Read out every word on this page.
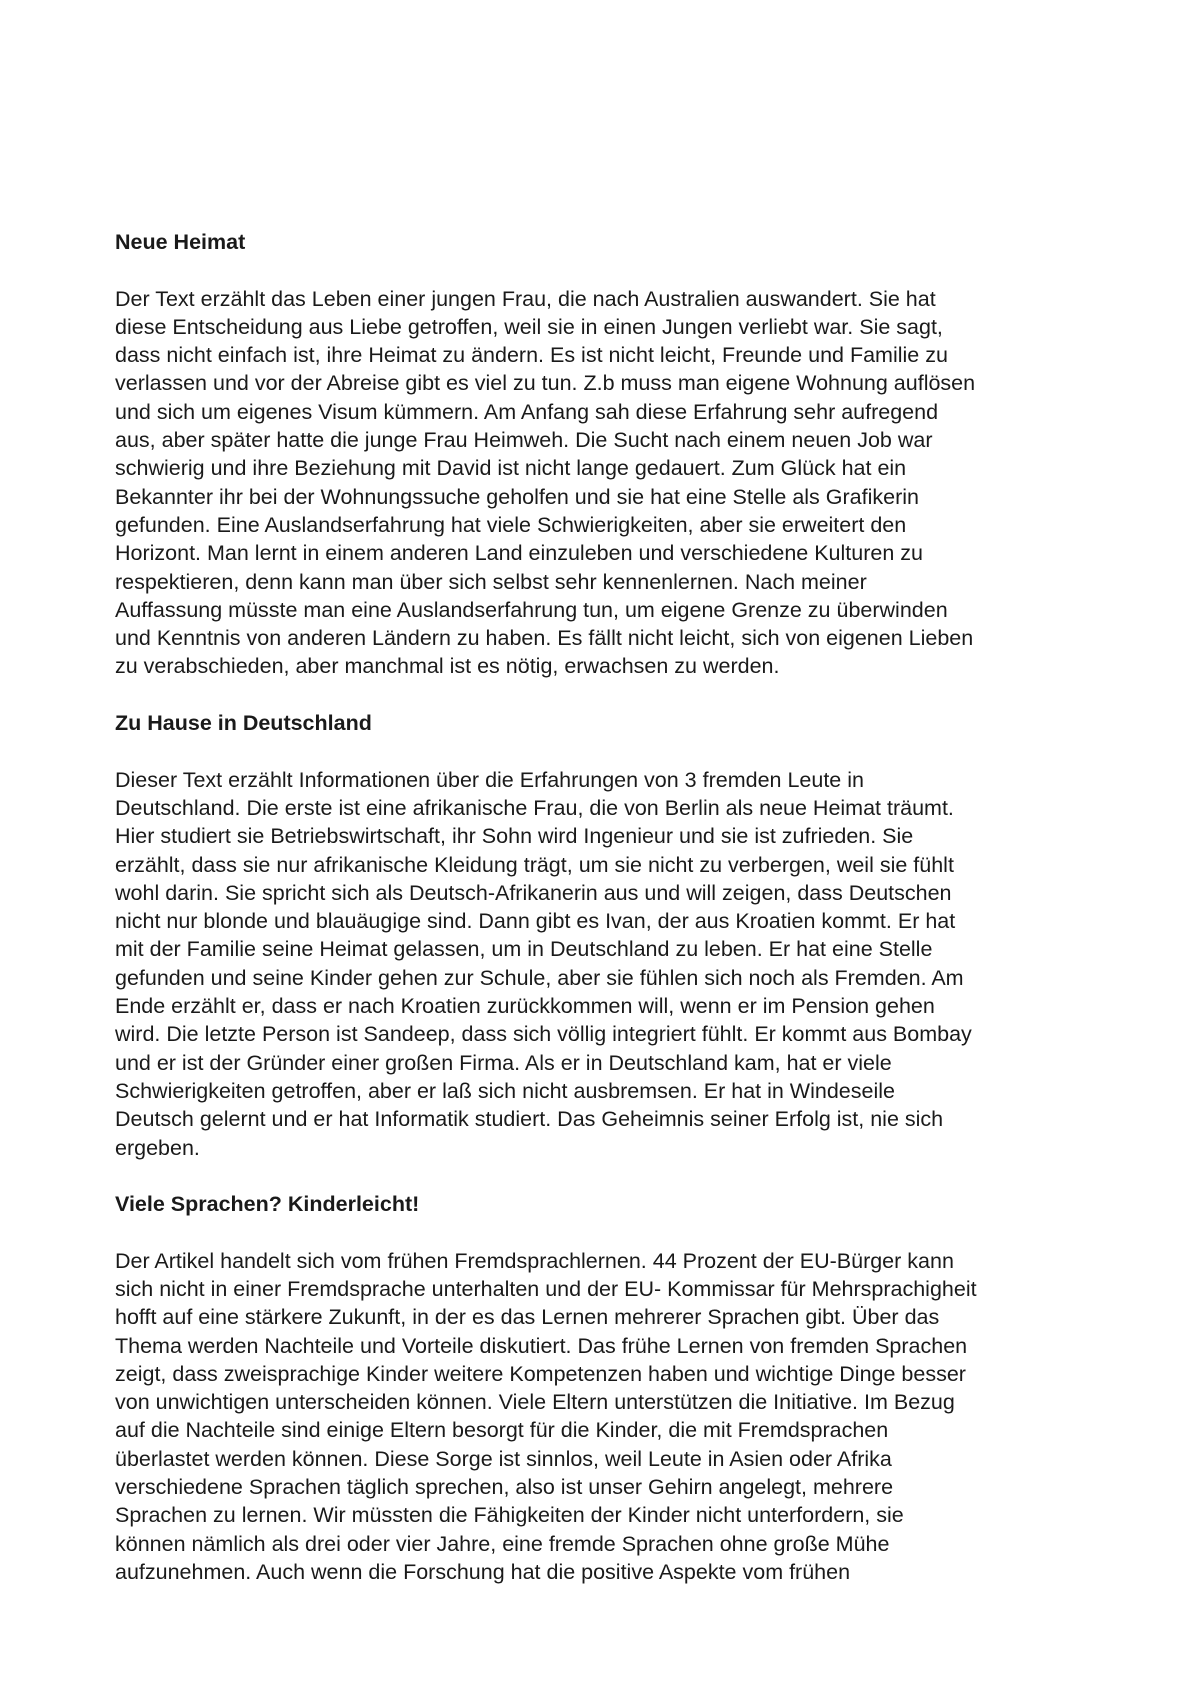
Neue Heimat
Der Text erzählt das Leben einer jungen Frau, die nach Australien auswandert. Sie hat
diese Entscheidung aus Liebe getroffen, weil sie in einen Jungen verliebt war. Sie sagt,
dass nicht einfach ist, ihre Heimat zu ändern. Es ist nicht leicht, Freunde und Familie zu
verlassen und vor der Abreise gibt es viel zu tun. Z.b muss man eigene Wohnung auflösen
und sich um eigenes Visum kümmern. Am Anfang sah diese Erfahrung sehr aufregend
aus, aber später hatte die junge Frau Heimweh. Die Sucht nach einem neuen Job war
schwierig und ihre Beziehung mit David ist nicht lange gedauert. Zum Glück hat ein
Bekannter ihr bei der Wohnungssuche geholfen und sie hat eine Stelle als Grafikerin
gefunden. Eine Auslandserfahrung hat viele Schwierigkeiten, aber sie erweitert den
Horizont. Man lernt in einem anderen Land einzuleben und verschiedene Kulturen zu
respektieren, denn kann man über sich selbst sehr kennenlernen. Nach meiner
Auffassung müsste man eine Auslandserfahrung tun, um eigene Grenze zu überwinden
und Kenntnis von anderen Ländern zu haben. Es fällt nicht leicht, sich von eigenen Lieben
zu verabschieden, aber manchmal ist es nötig, erwachsen zu werden.
Zu Hause in Deutschland
Dieser Text erzählt Informationen über die Erfahrungen von 3 fremden Leute in
Deutschland. Die erste ist eine afrikanische Frau, die von Berlin als neue Heimat träumt.
Hier studiert sie Betriebswirtschaft, ihr Sohn wird Ingenieur und sie ist zufrieden. Sie
erzählt, dass sie nur afrikanische Kleidung trägt, um sie nicht zu verbergen, weil sie fühlt
wohl darin. Sie spricht sich als Deutsch-Afrikanerin aus und will zeigen, dass Deutschen
nicht nur blonde und blauäugige sind. Dann gibt es Ivan, der aus Kroatien kommt. Er hat
mit der Familie seine Heimat gelassen, um in Deutschland zu leben. Er hat eine Stelle
gefunden und seine Kinder gehen zur Schule, aber sie fühlen sich noch als Fremden. Am
Ende erzählt er, dass er nach Kroatien zurückkommen will, wenn er im Pension gehen
wird. Die letzte Person ist Sandeep, dass sich völlig integriert fühlt. Er kommt aus Bombay
und er ist der Gründer einer großen Firma. Als er in Deutschland kam, hat er viele
Schwierigkeiten getroffen, aber er laß sich nicht ausbremsen. Er hat in Windeseile
Deutsch gelernt und er hat Informatik studiert. Das Geheimnis seiner Erfolg ist, nie sich
ergeben.
Viele Sprachen? Kinderleicht!
Der Artikel handelt sich vom frühen Fremdsprachlernen. 44 Prozent der EU-Bürger kann
sich nicht in einer Fremdsprache unterhalten und der EU- Kommissar für Mehrsprachigheit
hofft auf eine stärkere Zukunft, in der es das Lernen mehrerer Sprachen gibt. Über das
Thema werden Nachteile und Vorteile diskutiert. Das frühe Lernen von fremden Sprachen
zeigt, dass zweisprachige Kinder weitere Kompetenzen haben und wichtige Dinge besser
von unwichtigen unterscheiden können. Viele Eltern unterstützen die Initiative. Im Bezug
auf die Nachteile sind einige Eltern besorgt für die Kinder, die mit Fremdsprachen
überlastet werden können. Diese Sorge ist sinnlos, weil Leute in Asien oder Afrika
verschiedene Sprachen täglich sprechen, also ist unser Gehirn angelegt, mehrere
Sprachen zu lernen. Wir müssten die Fähigkeiten der Kinder nicht unterfordern, sie
können nämlich als drei oder vier Jahre, eine fremde Sprachen ohne große Mühe
aufzunehmen. Auch wenn die Forschung hat die positive Aspekte vom frühen
